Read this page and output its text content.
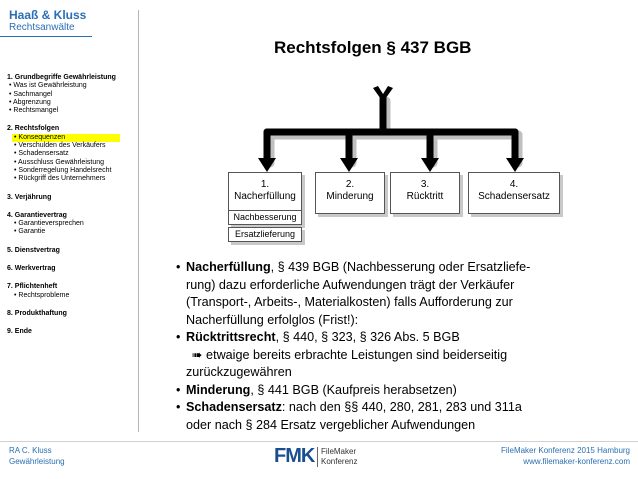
Haaß & Kluss
Rechtsanwälte
Rechtsfolgen § 437 BGB
1. Grundbegriffe Gewährleistung
• Was ist Gewährleistung
• Sachmangel
• Abgrenzung
• Rechtsmangel
2. Rechtsfolgen
• Konsequenzen
• Verschulden des Verkäufers
• Schadensersatz
• Ausschluss Gewährleistung
• Sonderregelung Handelsrecht
• Rückgriff des Unternehmers
3. Verjährung
4. Garantievertrag
• Garantieversprechen
• Garantie
5. Dienstvertrag
6. Werkvertrag
7. Pflichtenheft
• Rechtsprobleme
8. Produkthaftung
9. Ende
1.
Nacherfüllung
Nachbesserung
Ersatzlieferung
2.
Minderung
3.
Rücktritt
4.
Schadensersatz
• Nacherfüllung, § 439 BGB (Nachbesserung oder Ersatzliefe-
rung) dazu erforderliche Aufwendungen trägt der Verkäufer
(Transport-, Arbeits-, Materialkosten) falls Aufforderung zur
Nacherfüllung erfolglos (Frist!):
• Rücktrittsrecht, § 440, § 323, § 326 Abs. 5 BGB
➠ etwaige bereits erbrachte Leistungen sind beiderseitig
zurückzugewähren
• Minderung, § 441 BGB (Kaufpreis herabsetzen)
• Schadensersatz: nach den §§ 440, 280, 281, 283 und 311a
oder nach § 284 Ersatz vergeblicher Aufwendungen
RA C. Kluss
Gewährleistung	FMK FileMaker
Konferenz
FileMaker Konferenz 2015 Hamburg
www.filemaker-konferenz.com
